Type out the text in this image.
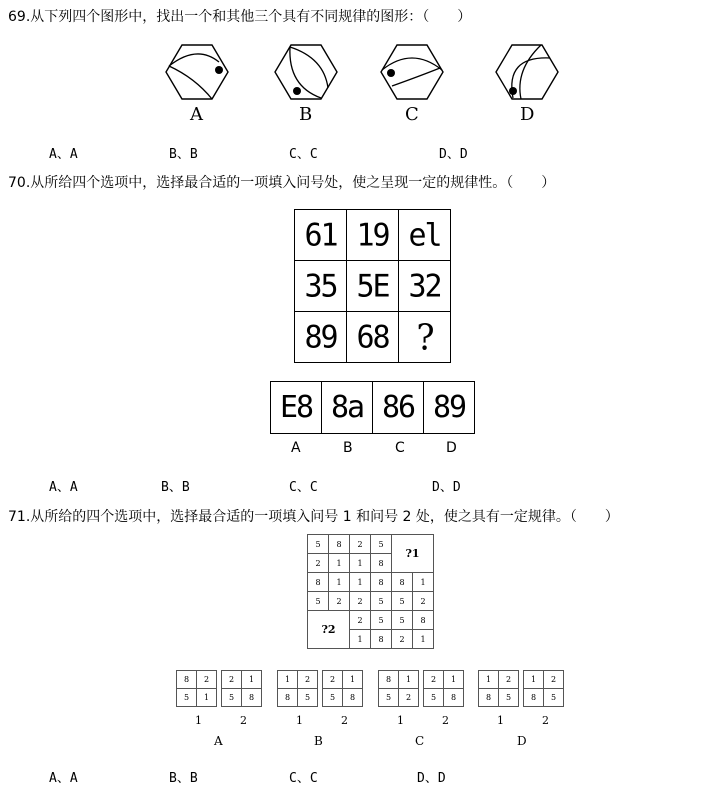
69.从下列四个图形中，找出一个和其他三个具有不同规律的图形：（　　）
A	B	C	D
A、A	B、B	C、C	D、D
70.从所给四个选项中，选择最合适的一项填入问号处，使之呈现一定的规律性。（　　）
61	19	el
35	5E	32
89	68	?
E8	8a	86	89
A	B	C	D
A、A	B、B	C、C	D、D
71.从所给的四个选项中，选择最合适的一项填入问号 1 和问号 2 处，使之具有一定规律。（　　）
5	8	2	5	?1	
2	1	1	8		
8	1	1	8	8	1
5	2	2	5	5	2
?2		2	5	5	8
		1	8	2	1
8	2
5	1
2	1
5	8
1	2
A
1	2
8	5
2	1
5	8
1	2
B
8	1
5	2
2	1
5	8
1	2
C
1	2
8	5
1	2
8	5
1	2
D
A、A	B、B	C、C	D、D
